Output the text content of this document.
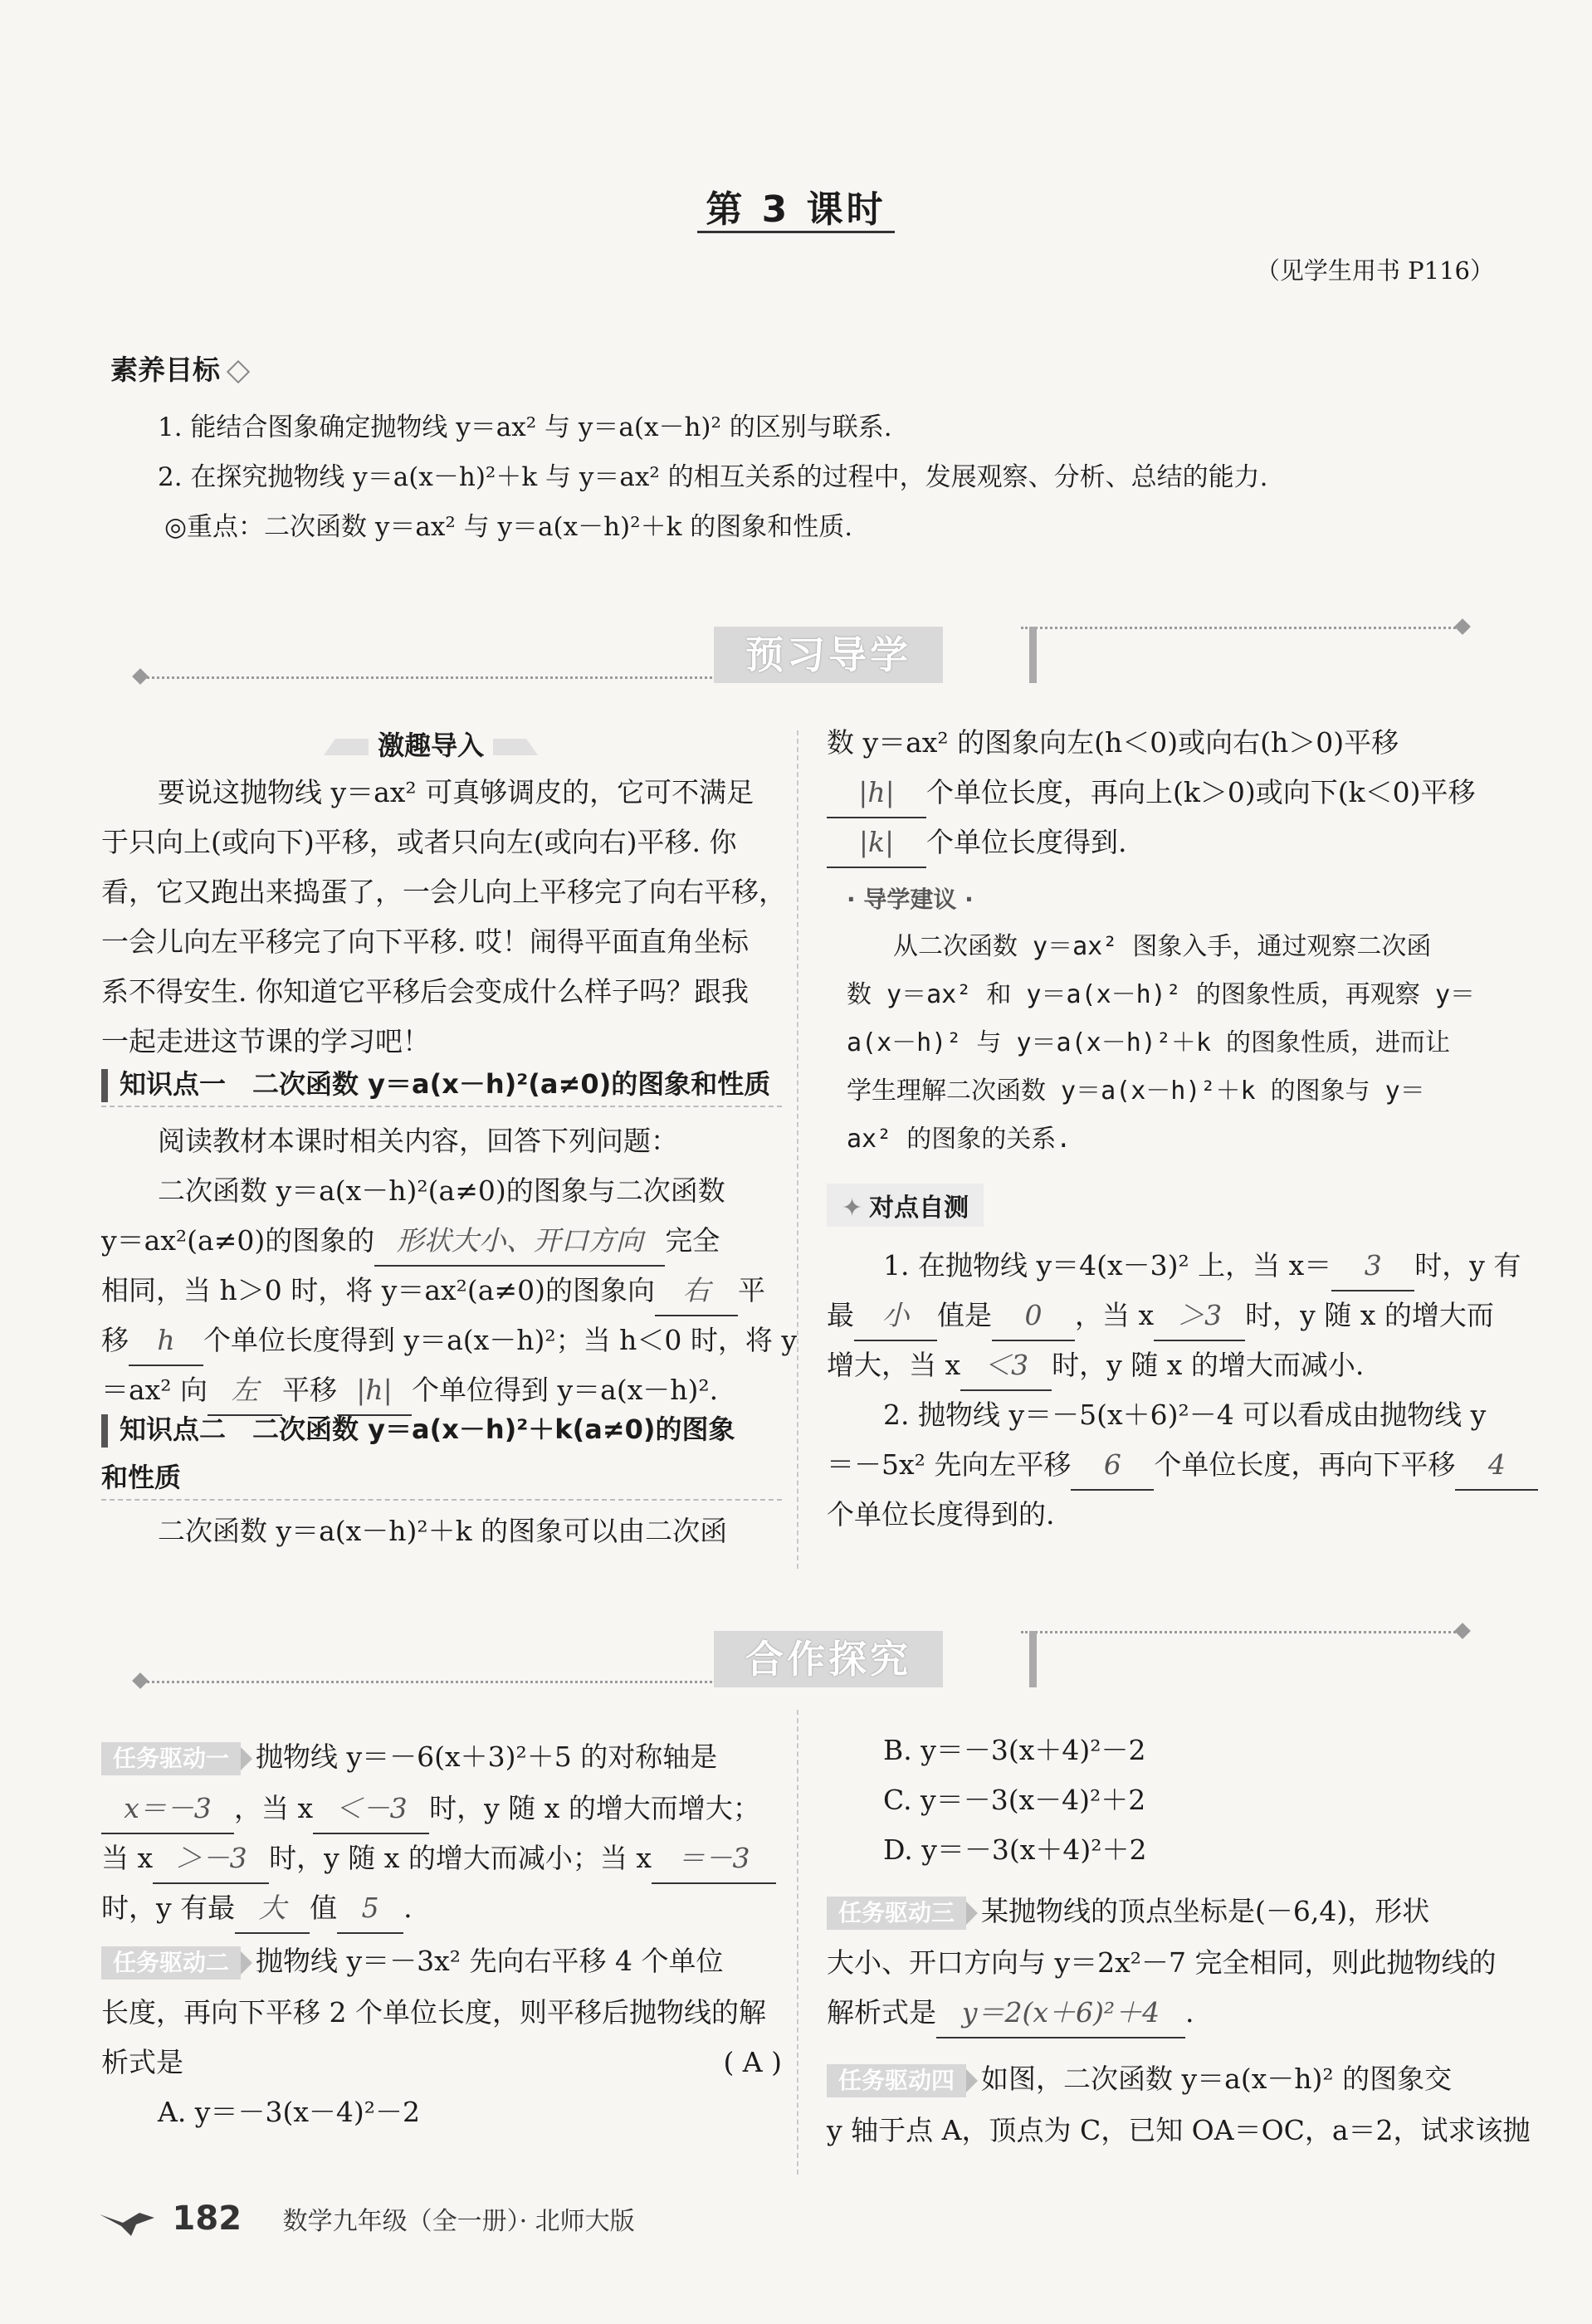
第 3 课时
（见学生用书 P116）
素养目标
1. 能结合图象确定抛物线 y＝ax² 与 y＝a(x－h)² 的区别与联系.
2. 在探究抛物线 y＝a(x－h)²＋k 与 y＝ax² 的相互关系的过程中，发展观察、分析、总结的能力.
◎重点：二次函数 y＝ax² 与 y＝a(x－h)²＋k 的图象和性质.
预习导学
激趣导入
要说这抛物线 y＝ax² 可真够调皮的，它可不满足
于只向上(或向下)平移，或者只向左(或向右)平移. 你
看，它又跑出来捣蛋了，一会儿向上平移完了向右平移，
一会儿向左平移完了向下平移. 哎！闹得平面直角坐标
系不得安生. 你知道它平移后会变成什么样子吗？跟我
一起走进这节课的学习吧！
知识点一　二次函数 y＝a(x－h)²(a≠0)的图象和性质
阅读教材本课时相关内容，回答下列问题：
二次函数 y＝a(x－h)²(a≠0)的图象与二次函数
y＝ax²(a≠0)的图象的 形状大小、开口方向 完全
相同，当 h＞0 时，将 y＝ax²(a≠0)的图象向 右 平
移 h 个单位长度得到 y＝a(x－h)²；当 h＜0 时，将 y
＝ax² 向 左 平移 |h| 个单位得到 y＝a(x－h)².
知识点二　二次函数 y＝a(x－h)²＋k(a≠0)的图象
和性质
二次函数 y＝a(x－h)²＋k 的图象可以由二次函
数 y＝ax² 的图象向左(h＜0)或向右(h＞0)平移
|h| 个单位长度，再向上(k＞0)或向下(k＜0)平移
|k| 个单位长度得到.
· 导学建议 ·
从二次函数 y＝ax² 图象入手，通过观察二次函
数 y＝ax² 和 y＝a(x－h)² 的图象性质，再观察 y＝
a(x－h)² 与 y＝a(x－h)²＋k 的图象性质，进而让
学生理解二次函数 y＝a(x－h)²＋k 的图象与 y＝
ax² 的图象的关系.
✦ 对点自测
1. 在抛物线 y＝4(x－3)² 上，当 x＝ 3 时，y 有
最 小 值是 0 ，当 x ＞3 时，y 随 x 的增大而
增大，当 x ＜3 时，y 随 x 的增大而减小.
2. 抛物线 y＝－5(x＋6)²－4 可以看成由抛物线 y
＝－5x² 先向左平移 6 个单位长度，再向下平移 4
个单位长度得到的.
合作探究
任务驱动一 抛物线 y＝－6(x＋3)²＋5 的对称轴是
x＝－3 ，当 x ＜－3 时，y 随 x 的增大而增大；
当 x ＞－3 时，y 随 x 的增大而减小；当 x ＝－3
时，y 有最 大 值 5 .
任务驱动二 抛物线 y＝－3x² 先向右平移 4 个单位
长度，再向下平移 2 个单位长度，则平移后抛物线的解
析式是	( A )
A. y＝－3(x－4)²－2
B. y＝－3(x＋4)²－2
C. y＝－3(x－4)²＋2
D. y＝－3(x＋4)²＋2
任务驱动三 某抛物线的顶点坐标是(－6,4)，形状
大小、开口方向与 y＝2x²－7 完全相同，则此抛物线的
解析式是 y＝2(x＋6)²＋4 .
任务驱动四 如图，二次函数 y＝a(x－h)² 的图象交
y 轴于点 A，顶点为 C，已知 OA＝OC，a＝2，试求该抛
182 数学九年级（全一册）· 北师大版
